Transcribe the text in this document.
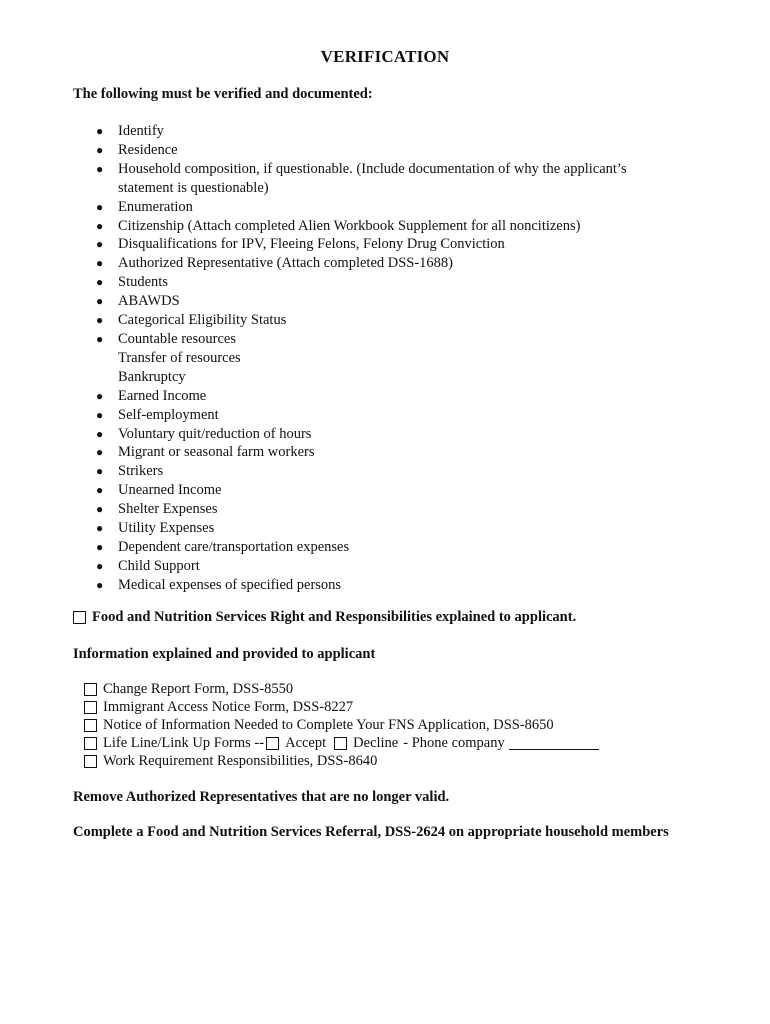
VERIFICATION
The following must be verified and documented:
● Identify
● Residence
● Household composition, if questionable. (Include documentation of why the applicant’s
statement is questionable)
● Enumeration
● Citizenship (Attach completed Alien Workbook Supplement for all noncitizens)
● Disqualifications for IPV, Fleeing Felons, Felony Drug Conviction
● Authorized Representative (Attach completed DSS-1688)
● Students
● ABAWDS
● Categorical Eligibility Status
● Countable resources
Transfer of resources
Bankruptcy
● Earned Income
● Self-employment
● Voluntary quit/reduction of hours
● Migrant or seasonal farm workers
● Strikers
● Unearned Income
● Shelter Expenses
● Utility Expenses
● Dependent care/transportation expenses
● Child Support
● Medical expenses of specified persons
Food and Nutrition Services Right and Responsibilities explained to applicant.
Information explained and provided to applicant
Change Report Form, DSS-8550
Immigrant Access Notice Form, DSS-8227
Notice of Information Needed to Complete Your FNS Application, DSS-8650
Life Line/Link Up Forms -- Accept Decline - Phone company
Work Requirement Responsibilities, DSS-8640
Remove Authorized Representatives that are no longer valid.
Complete a Food and Nutrition Services Referral, DSS-2624 on appropriate household members
